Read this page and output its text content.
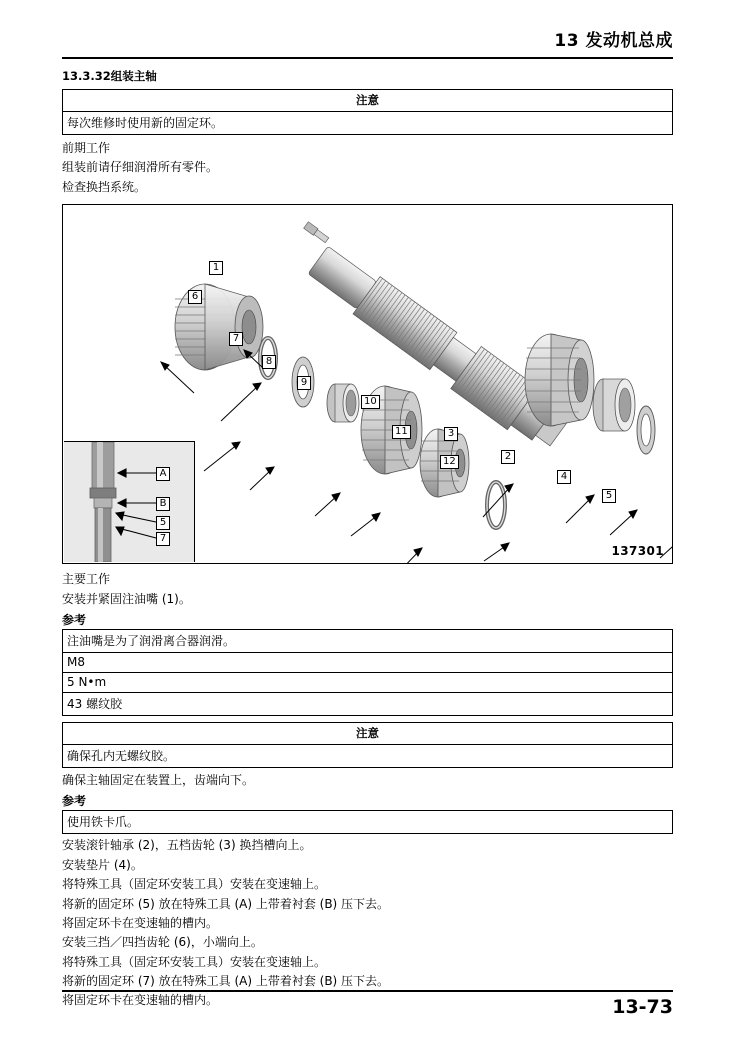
13 发动机总成
13.3.32组装主轴
注意
每次维修时使用新的固定环。
前期工作
组装前请仔细润滑所有零件。
检查换挡系统。
1
6
7
8
9
10
11	3
12	2
4
5
A
B
5
7
137301
主要工作
安装并紧固注油嘴 (1)。
参考
注油嘴是为了润滑离合器润滑。
M8
5 N•m
43 螺纹胶
注意
确保孔内无螺纹胶。
确保主轴固定在装置上，齿端向下。
参考
使用铁卡爪。
安装滚针轴承 (2)，五档齿轮 (3) 换挡槽向上。
安装垫片 (4)。
将特殊工具（固定环安装工具）安装在变速轴上。
将新的固定环 (5) 放在特殊工具 (A) 上带着衬套 (B) 压下去。
将固定环卡在变速轴的槽内。
安装三挡／四挡齿轮 (6)，小端向上。
将特殊工具（固定环安装工具）安装在变速轴上。
将新的固定环 (7) 放在特殊工具 (A) 上带着衬套 (B) 压下去。
将固定环卡在变速轴的槽内。	13-73
